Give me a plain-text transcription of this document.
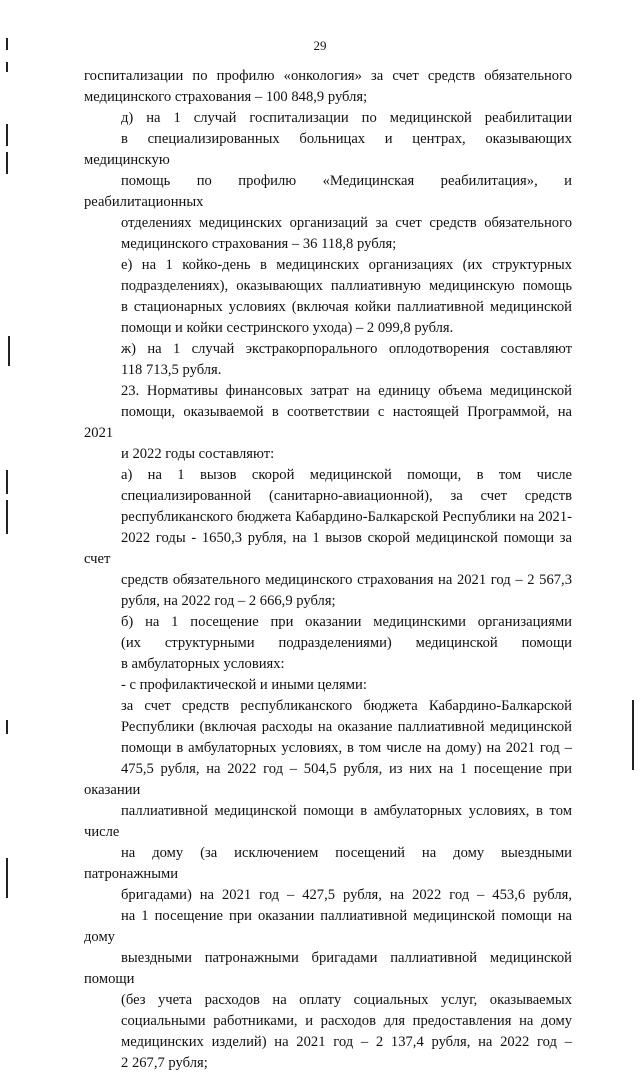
29

госпитализации по профилю «онкология» за счет средств обязательного
медицинского страхования – 100 848,9 рубля;

д) на 1 случай госпитализации по медицинской реабилитации
в специализированных больницах и центрах, оказывающих медицинскую
помощь по профилю «Медицинская реабилитация», и реабилитационных
отделениях медицинских организаций за счет средств обязательного
медицинского страхования – 36 118,8 рубля;

е) на 1 койко-день в медицинских организациях (их структурных
подразделениях), оказывающих паллиативную медицинскую помощь
в стационарных условиях (включая койки паллиативной медицинской
помощи и койки сестринского ухода) – 2 099,8 рубля.

ж) на 1 случай экстракорпорального оплодотворения составляют
118 713,5 рубля.

23. Нормативы финансовых затрат на единицу объема медицинской
помощи, оказываемой в соответствии с настоящей Программой, на 2021
и 2022 годы составляют:

а) на 1 вызов скорой медицинской помощи, в том числе
специализированной (санитарно-авиационной), за счет средств
республиканского бюджета Кабардино-Балкарской Республики на 2021-
2022 годы - 1650,3 рубля, на 1 вызов скорой медицинской помощи за счет
средств обязательного медицинского страхования на 2021 год – 2 567,3
рубля, на 2022 год – 2 666,9 рубля;

б) на 1 посещение при оказании медицинскими организациями
(их структурными подразделениями) медицинской помощи
в амбулаторных условиях:

- с профилактической и иными целями:

за счет средств республиканского бюджета Кабардино-Балкарской
Республики (включая расходы на оказание паллиативной медицинской
помощи в амбулаторных условиях, в том числе на дому) на 2021 год –
475,5 рубля, на 2022 год – 504,5 рубля, из них на 1 посещение при оказании
паллиативной медицинской помощи в амбулаторных условиях, в том числе
на дому (за исключением посещений на дому выездными патронажными
бригадами) на 2021 год – 427,5 рубля, на 2022 год – 453,6 рубля,
на 1 посещение при оказании паллиативной медицинской помощи на дому
выездными патронажными бригадами паллиативной медицинской помощи
(без учета расходов на оплату социальных услуг, оказываемых
социальными работниками, и расходов для предоставления на дому
медицинских изделий) на 2021 год – 2 137,4 рубля, на 2022 год –
2 267,7 рубля;
